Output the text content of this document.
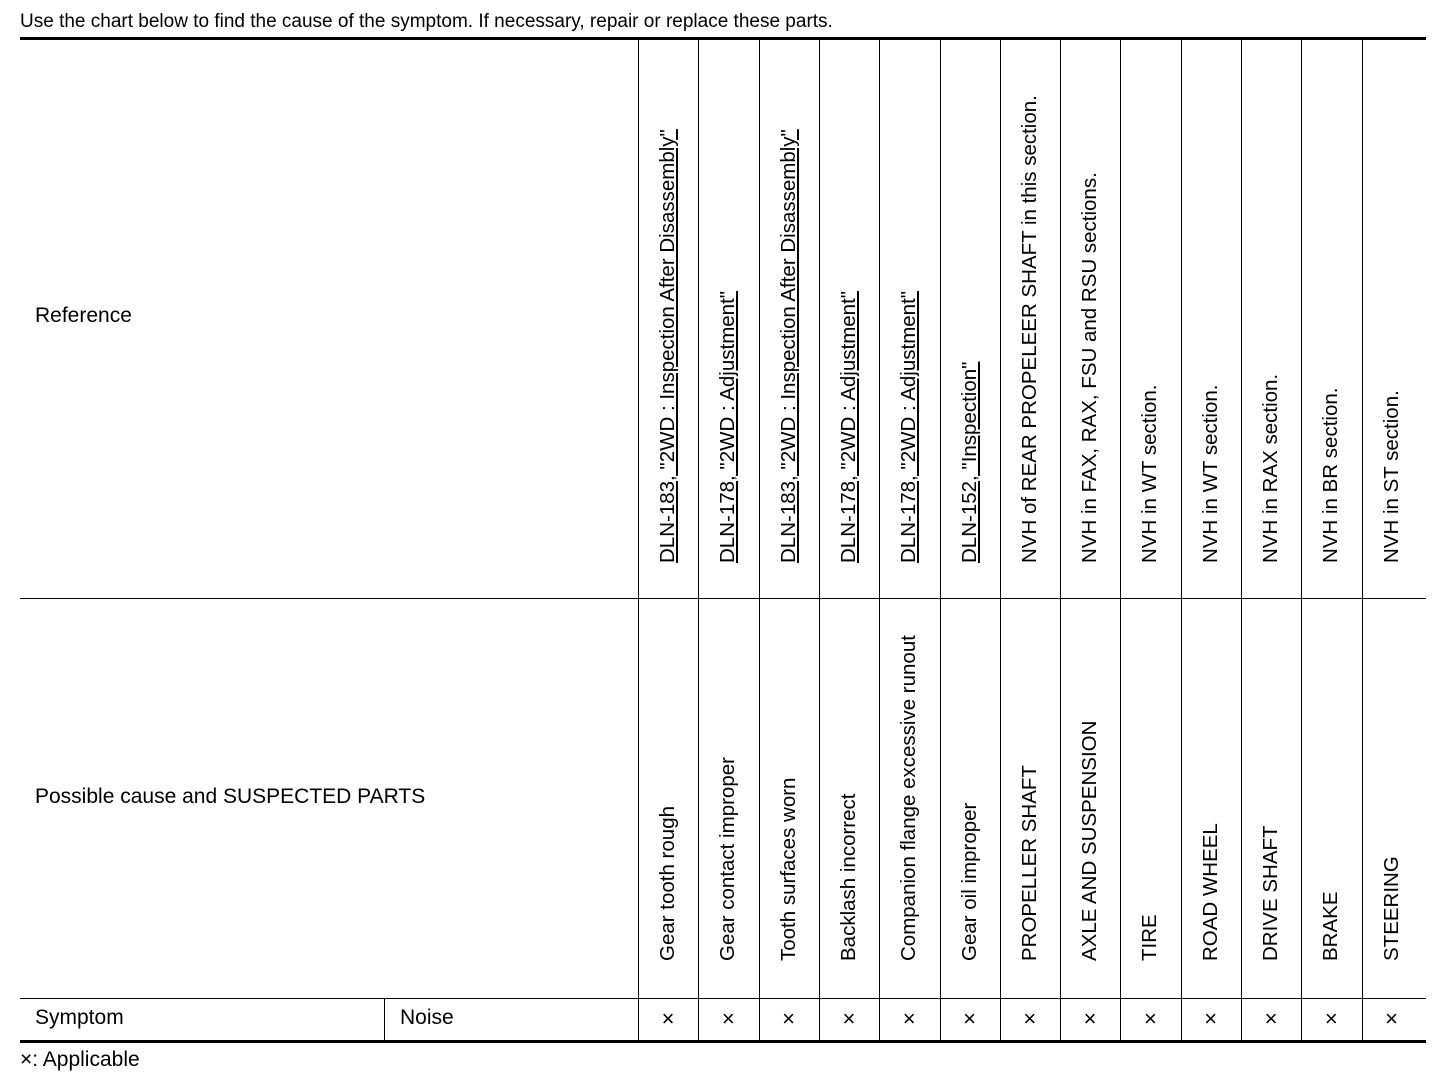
Use the chart below to find the cause of the symptom. If necessary, repair or replace these parts.
Reference
Possible cause and SUSPECTED PARTS
Symptom	Noise
DLN-183, "2WD : Inspection After Disassembly"
Gear tooth rough
×
DLN-178, "2WD : Adjustment"
Gear contact improper
×
DLN-183, "2WD : Inspection After Disassembly"
Tooth surfaces worn
×
DLN-178, "2WD : Adjustment"
Backlash incorrect
×
DLN-178, "2WD : Adjustment"
Companion flange excessive runout
×
DLN-152, "Inspection"
Gear oil improper
×
NVH of REAR PROPELEER SHAFT in this section.
PROPELLER SHAFT
×
NVH in FAX, RAX, FSU and RSU sections.
AXLE AND SUSPENSION
×
NVH in WT section.
TIRE
×
NVH in WT section.
ROAD WHEEL
×
NVH in RAX section.
DRIVE SHAFT
×
NVH in BR section.
BRAKE
×
NVH in ST section.
STEERING
×
×: Applicable
